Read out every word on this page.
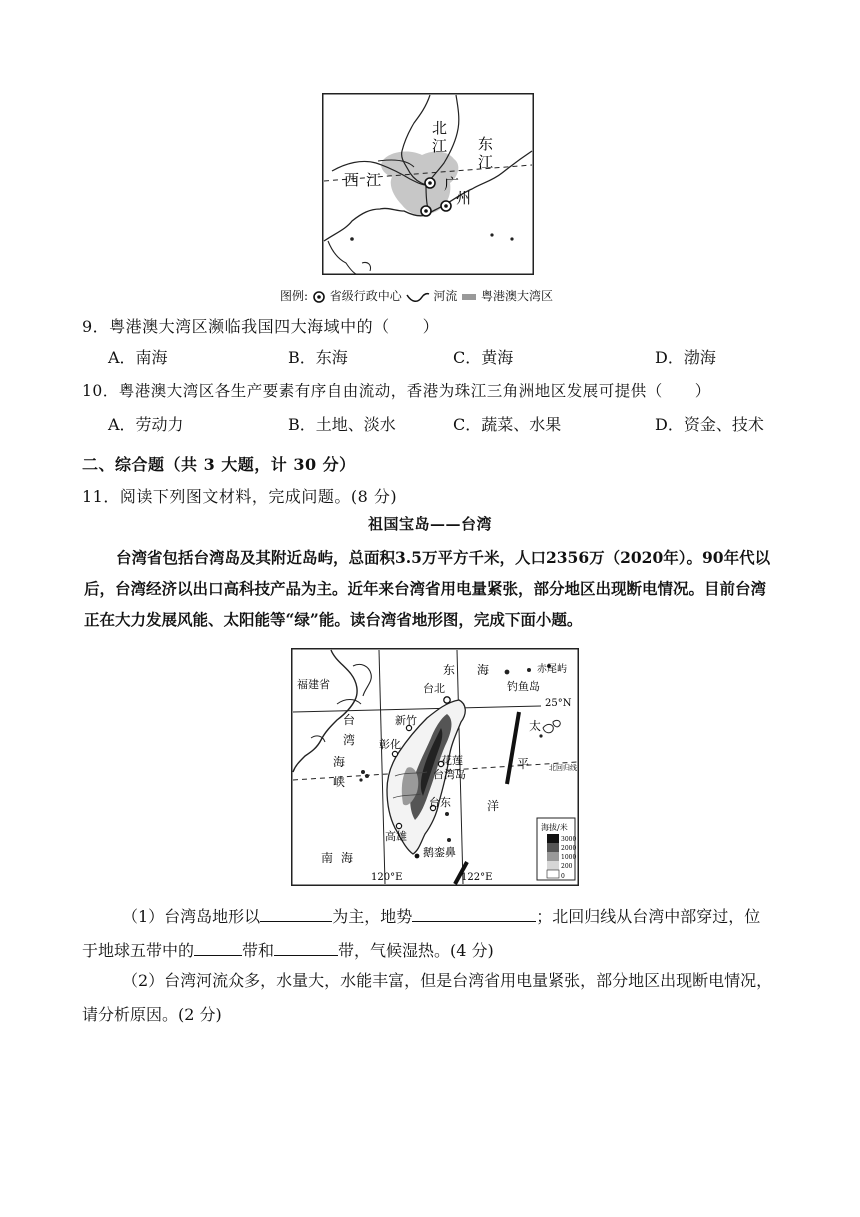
北
江 东
江
西 江	广
州
图例: 省级行政中心	河流 粤港澳大湾区
9．粤港澳大湾区濒临我国四大海域中的（　　）
A．南海	B．东海	C．黄海	D．渤海
10．粤港澳大湾区各生产要素有序自由流动，香港为珠江三角洲地区发展可提供（　　）
A．劳动力	B．土地、淡水	C．蔬菜、水果	D．资金、技术
二、综合题（共 3 大题，计 30 分）
11．阅读下列图文材料，完成问题。(8 分)
祖国宝岛——台湾
台湾省包括台湾岛及其附近岛屿，总面积3.5万平方千米，人口2356万（2020年）。90年代以后，台湾经济以出口高科技产品为主。近年来台湾省用电量紧张，部分地区出现断电情况。目前台湾正在大力发展风能、太阳能等“绿”能。读台湾省地形图，完成下面小题。
福建省
东 海
钓鱼岛
赤尾屿
台北
25°N
台
湾
海
峡
新竹
彰化
太
花莲
台湾岛
平	北回归线
台东	洋
高雄
鹅銮鼻
南 海
120°E	122°E
海拔/米
3000
2000
1000
200
0
（1）台湾岛地形以	为主，地势	；北回归线从台湾中部穿过，位
于地球五带中的	带和	带，气候湿热。(4 分)
（2）台湾河流众多，水量大，水能丰富，但是台湾省用电量紧张，部分地区出现断电情况，
请分析原因。(2 分)
